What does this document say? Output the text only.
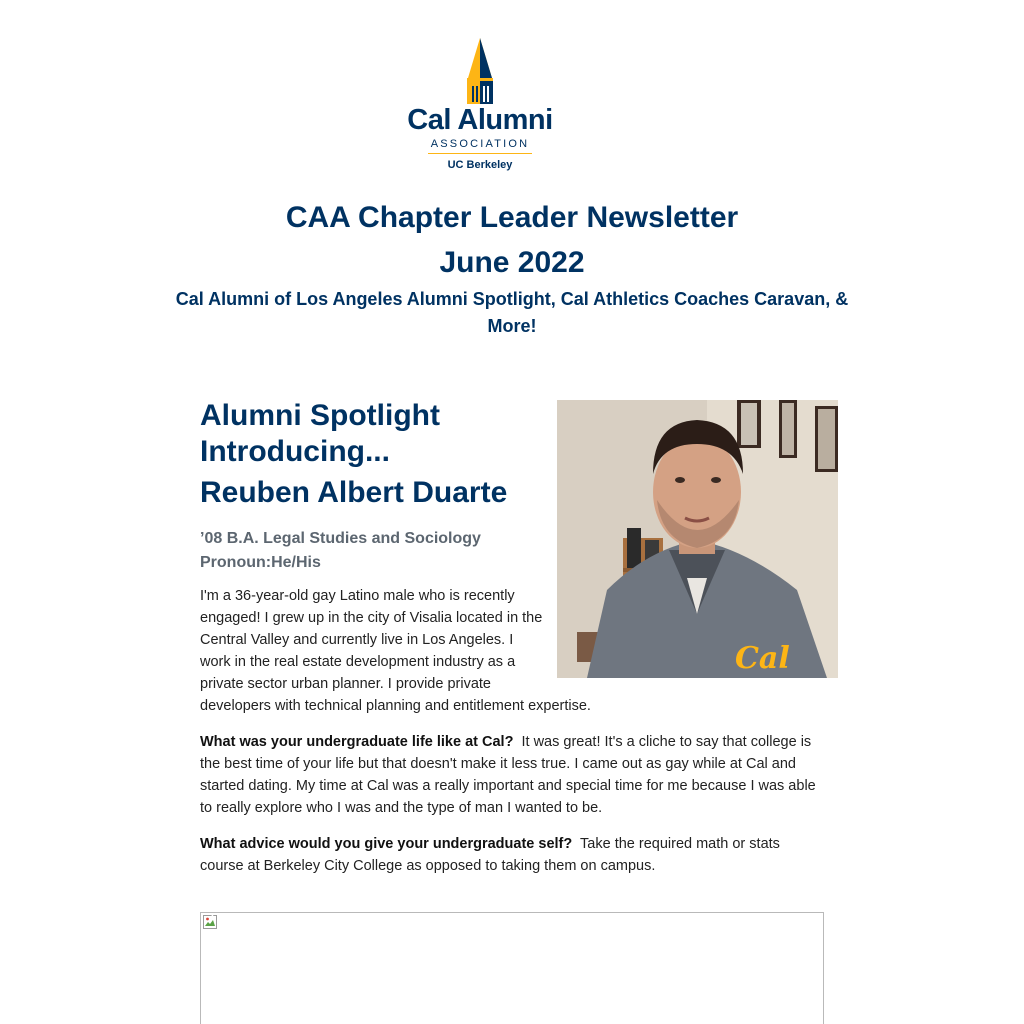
Cal Alumni
ASSOCIATION
UC Berkeley
CAA Chapter Leader Newsletter
June 2022
Cal Alumni of Los Angeles Alumni Spotlight, Cal Athletics Coaches Caravan, & More!
Cal
Alumni Spotlight
Introducing...
Reuben Albert Duarte
’08 B.A. Legal Studies and Sociology
Pronoun:He/His

I'm a 36-year-old gay Latino male who is recently engaged! I grew up in the city of Visalia located in the Central Valley and currently live in Los Angeles. I work in the real estate development industry as a private sector urban planner. I provide private developers with technical planning and entitlement expertise.

What was your undergraduate life like at Cal? It was great! It's a cliche to say that college is the best time of your life but that doesn't make it less true. I came out as gay while at Cal and started dating. My time at Cal was a really important and special time for me because I was able to really explore who I was and the type of man I wanted to be.

What advice would you give your undergraduate self? Take the required math or stats course at Berkeley City College as opposed to taking them on campus.
